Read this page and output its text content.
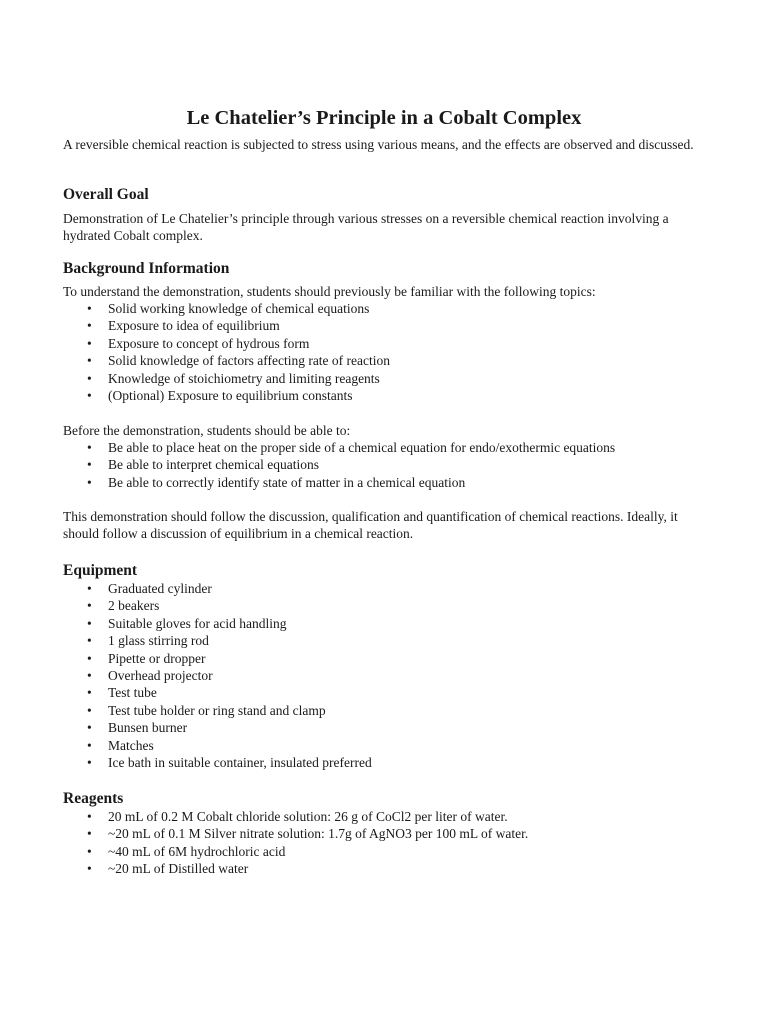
Le Chatelier’s Principle in a Cobalt Complex

A reversible chemical reaction is subjected to stress using various means, and the effects are observed and discussed.

Overall Goal

Demonstration of Le Chatelier’s principle through various stresses on a reversible chemical reaction involving a hydrated Cobalt complex.

Background Information

To understand the demonstration, students should previously be familiar with the following topics:

• Solid working knowledge of chemical equations
• Exposure to idea of equilibrium
• Exposure to concept of hydrous form
• Solid knowledge of factors affecting rate of reaction
• Knowledge of stoichiometry and limiting reagents
• (Optional) Exposure to equilibrium constants

Before the demonstration, students should be able to:

• Be able to place heat on the proper side of a chemical equation for endo/exothermic equations
• Be able to interpret chemical equations
• Be able to correctly identify state of matter in a chemical equation

This demonstration should follow the discussion, qualification and quantification of chemical reactions. Ideally, it should follow a discussion of equilibrium in a chemical reaction.

Equipment
• Graduated cylinder
• 2 beakers
• Suitable gloves for acid handling
• 1 glass stirring rod
• Pipette or dropper
• Overhead projector
• Test tube
• Test tube holder or ring stand and clamp
• Bunsen burner
• Matches
• Ice bath in suitable container, insulated preferred
Reagents
• 20 mL of 0.2 M Cobalt chloride solution: 26 g of CoCl2 per liter of water.
• ~20 mL of 0.1 M Silver nitrate solution: 1.7g of AgNO3 per 100 mL of water.
• ~40 mL of 6M hydrochloric acid
• ~20 mL of Distilled water
